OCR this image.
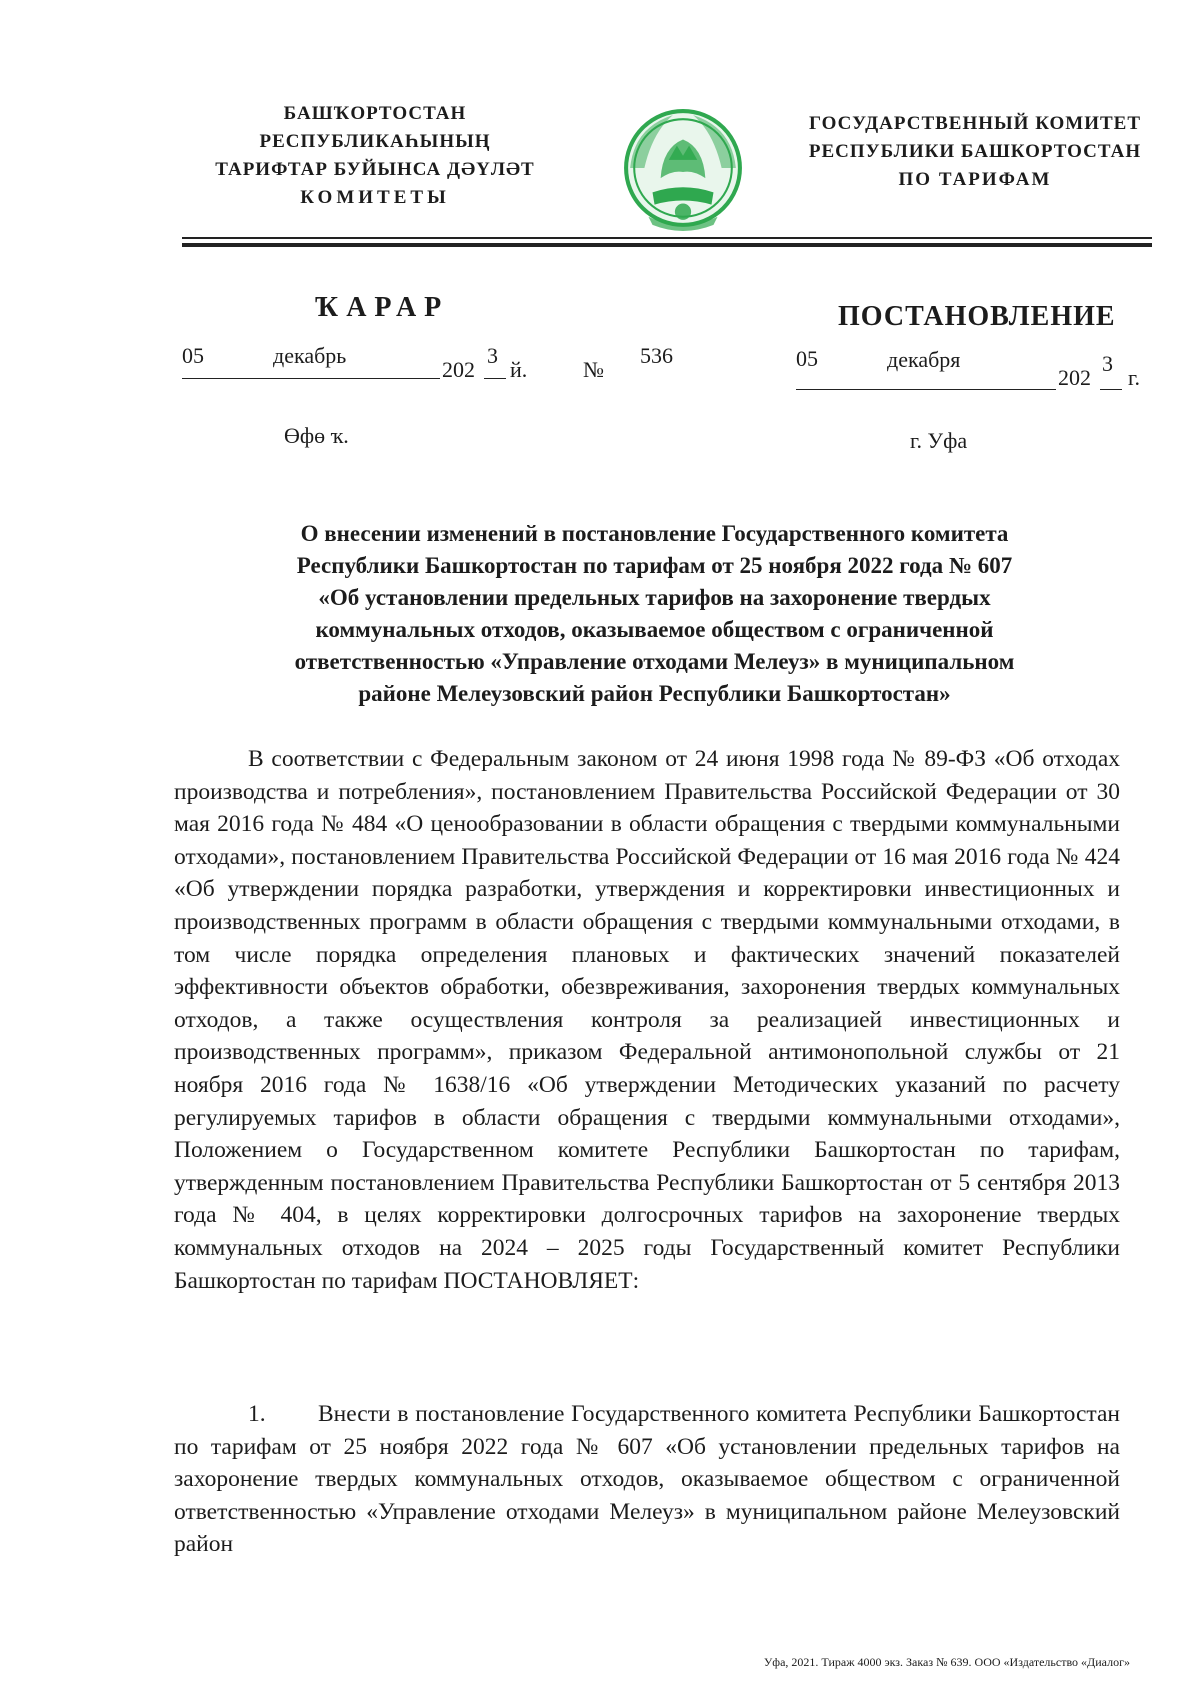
БАШҠОРТОСТАН РЕСПУБЛИКАҺЫНЫҢ
ТАРИФТАР БУЙЫНСА ДӘҮЛӘТ
КОМИТЕТЫ
ГОСУДАРСТВЕННЫЙ КОМИТЕТ
РЕСПУБЛИКИ БАШКОРТОСТАН
ПО ТАРИФАМ
ҠАРАР	ПОСТАНОВЛЕНИЕ
05	декабрь
202
3
й.	№
536	05	декабря
202
3
г.
Өфө ҡ.	г. Уфа
О внесении изменений в постановление Государственного комитета
Республики Башкортостан по тарифам от 25 ноября 2022 года № 607
«Об установлении предельных тарифов на захоронение твердых
коммунальных отходов, оказываемое обществом с ограниченной
ответственностью «Управление отходами Мелеуз» в муниципальном
районе Мелеузовский район Республики Башкортостан»

В соответствии с Федеральным законом от 24 июня 1998 года № 89-ФЗ «Об отходах производства и потребления», постановлением Правительства Российской Федерации от 30 мая 2016 года № 484 «О ценообразовании в области обращения с твердыми коммунальными отходами», постановлением Правительства Российской Федерации от 16 мая 2016 года № 424 «Об утверждении порядка разработки, утверждения и корректировки инвестиционных и производственных программ в области обращения с твердыми коммунальными отходами, в том числе порядка определения плановых и фактических значений показателей эффективности объектов обработки, обезвреживания, захоронения твердых коммунальных отходов, а также осуществления контроля за реализацией инвестиционных и производственных программ», приказом Федеральной антимонопольной службы от 21 ноября 2016 года № 1638/16 «Об утверждении Методических указаний по расчету регулируемых тарифов в области обращения с твердыми коммунальными отходами», Положением о Государственном комитете Республики Башкортостан по тарифам, утвержденным постановлением Правительства Республики Башкортостан от 5 сентября 2013 года № 404, в целях корректировки долгосрочных тарифов на захоронение твердых коммунальных отходов на 2024 – 2025 годы Государственный комитет Республики Башкортостан по тарифам ПОСТАНОВЛЯЕТ:

1. Внести в постановление Государственного комитета Республики Башкортостан по тарифам от 25 ноября 2022 года № 607 «Об установлении предельных тарифов на захоронение твердых коммунальных отходов, оказываемое обществом с ограниченной ответственностью «Управление отходами Мелеуз» в муниципальном районе Мелеузовский район

Уфа, 2021. Тираж 4000 экз. Заказ № 639. ООО «Издательство «Диалог»
